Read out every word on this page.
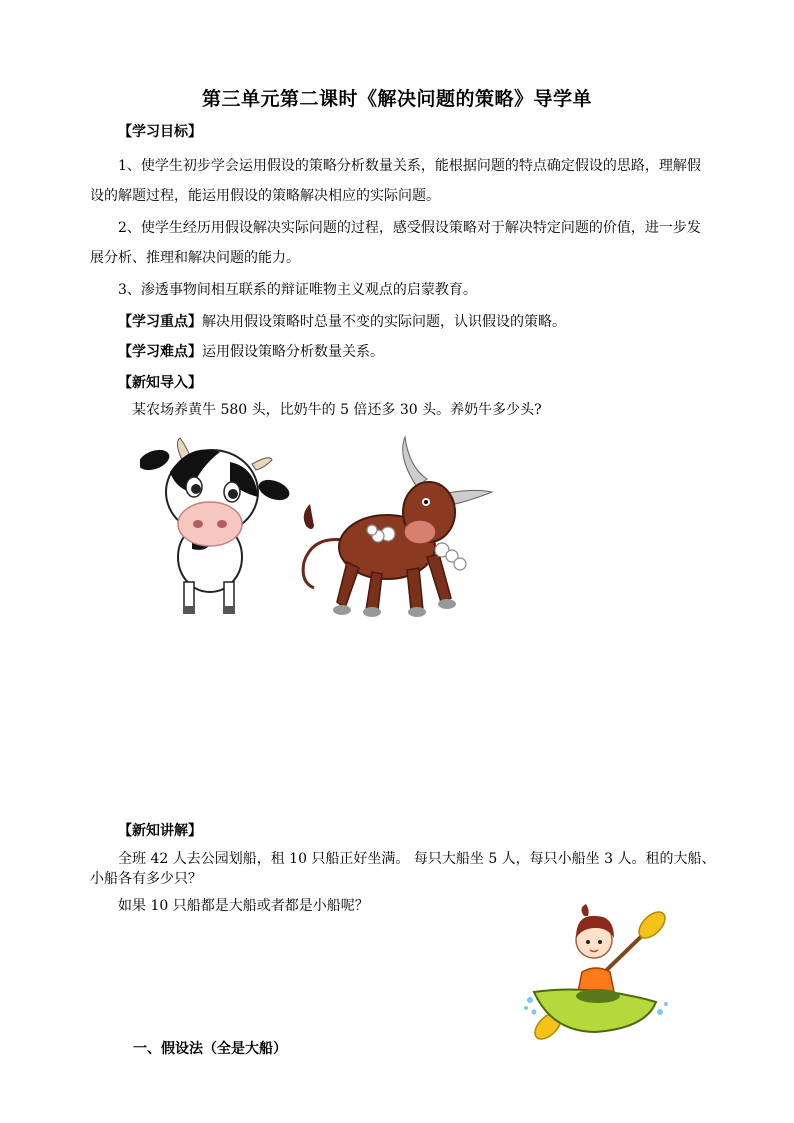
第三单元第二课时《解决问题的策略》导学单
【学习目标】
1、使学生初步学会运用假设的策略分析数量关系，能根据问题的特点确定假设的思路，理解假
设的解题过程，能运用假设的策略解决相应的实际问题。
2、使学生经历用假设解决实际问题的过程，感受假设策略对于解决特定问题的价值，进一步发
展分析、推理和解决问题的能力。
3、渗透事物间相互联系的辩证唯物主义观点的启蒙教育。
【学习重点】解决用假设策略时总量不变的实际问题，认识假设的策略。
【学习难点】运用假设策略分析数量关系。
【新知导入】
某农场养黄牛 580 头，比奶牛的 5 倍还多 30 头。养奶牛多少头?
【新知讲解】
全班 42 人去公园划船，租 10 只船正好坐满。 每只大船坐 5 人，每只小船坐 3 人。租的大船、
小船各有多少只？
如果 10 只船都是大船或者都是小船呢？
一、假设法（全是大船）
